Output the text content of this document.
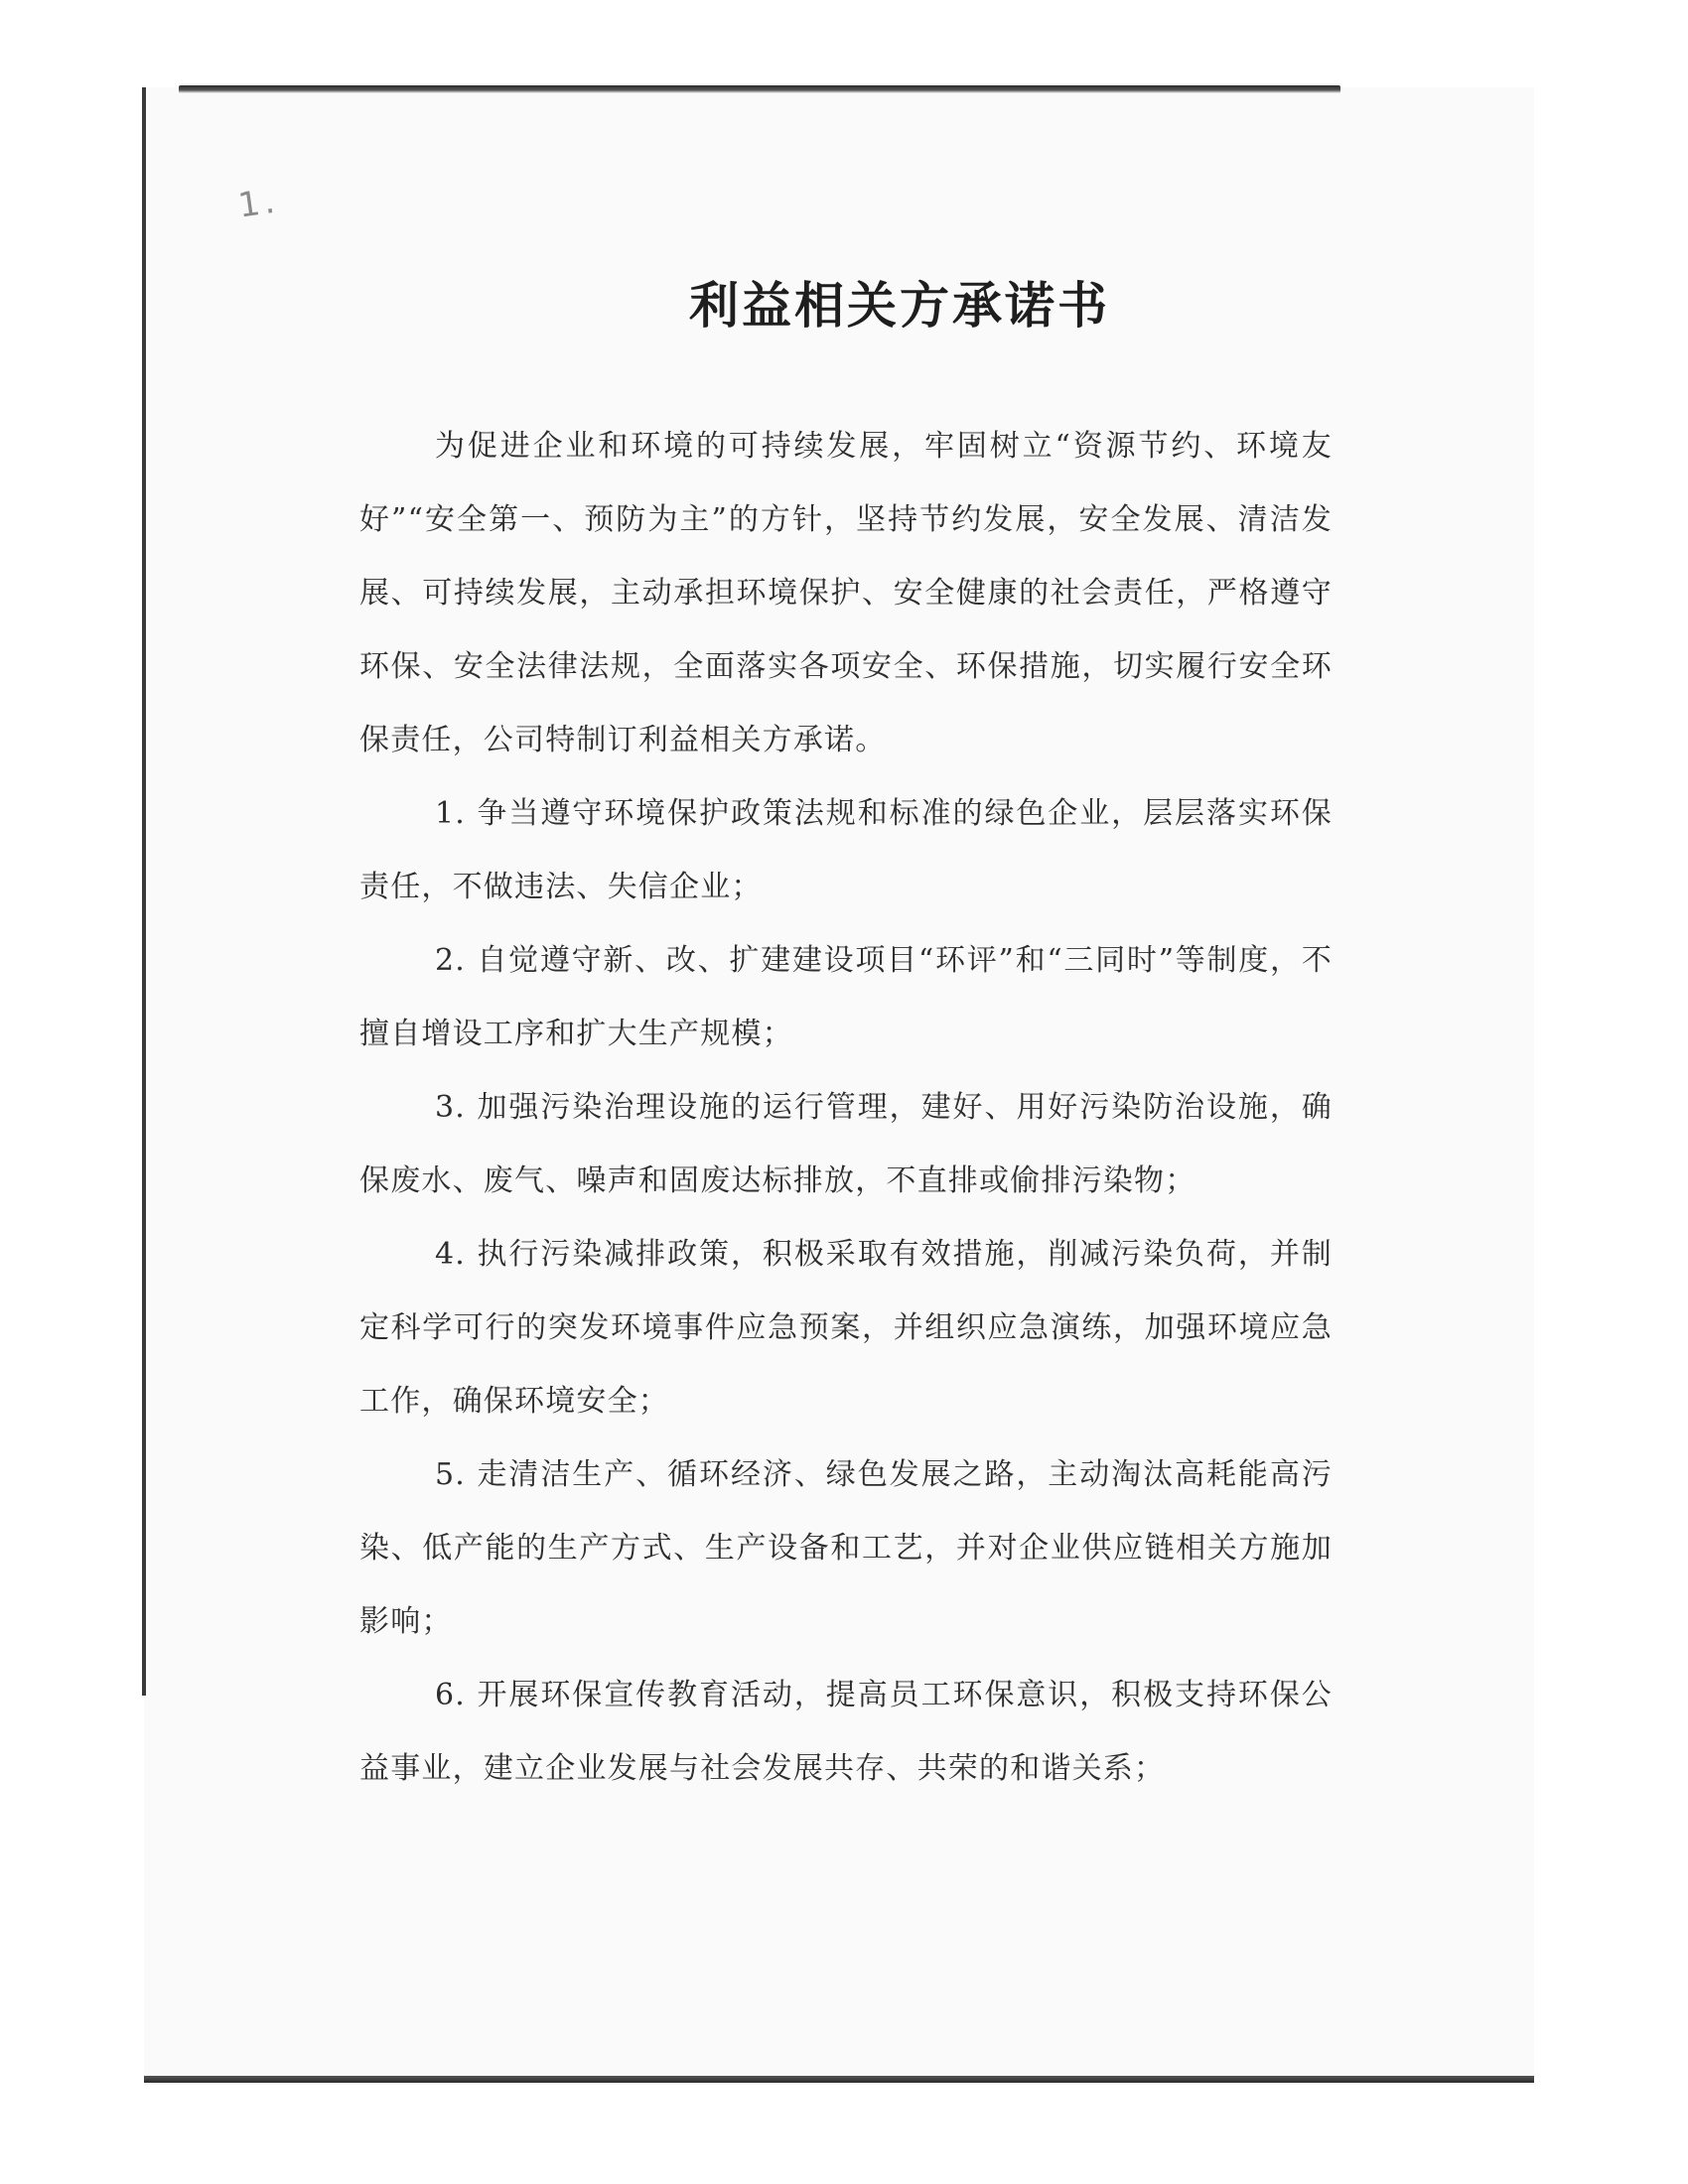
1.
利益相关方承诺书

为促进企业和环境的可持续发展，牢固树立“资源节约、环境友好”“安全第一、预防为主”的方针，坚持节约发展，安全发展、清洁发展、可持续发展，主动承担环境保护、安全健康的社会责任，严格遵守环保、安全法律法规，全面落实各项安全、环保措施，切实履行安全环保责任，公司特制订利益相关方承诺。

1. 争当遵守环境保护政策法规和标准的绿色企业，层层落实环保责任，不做违法、失信企业；

2. 自觉遵守新、改、扩建建设项目“环评”和“三同时”等制度，不擅自增设工序和扩大生产规模；

3. 加强污染治理设施的运行管理，建好、用好污染防治设施，确保废水、废气、噪声和固废达标排放，不直排或偷排污染物；

4. 执行污染减排政策，积极采取有效措施，削减污染负荷，并制定科学可行的突发环境事件应急预案，并组织应急演练，加强环境应急工作，确保环境安全；

5. 走清洁生产、循环经济、绿色发展之路，主动淘汰高耗能高污染、低产能的生产方式、生产设备和工艺，并对企业供应链相关方施加影响；

6. 开展环保宣传教育活动，提高员工环保意识，积极支持环保公益事业，建立企业发展与社会发展共存、共荣的和谐关系；
